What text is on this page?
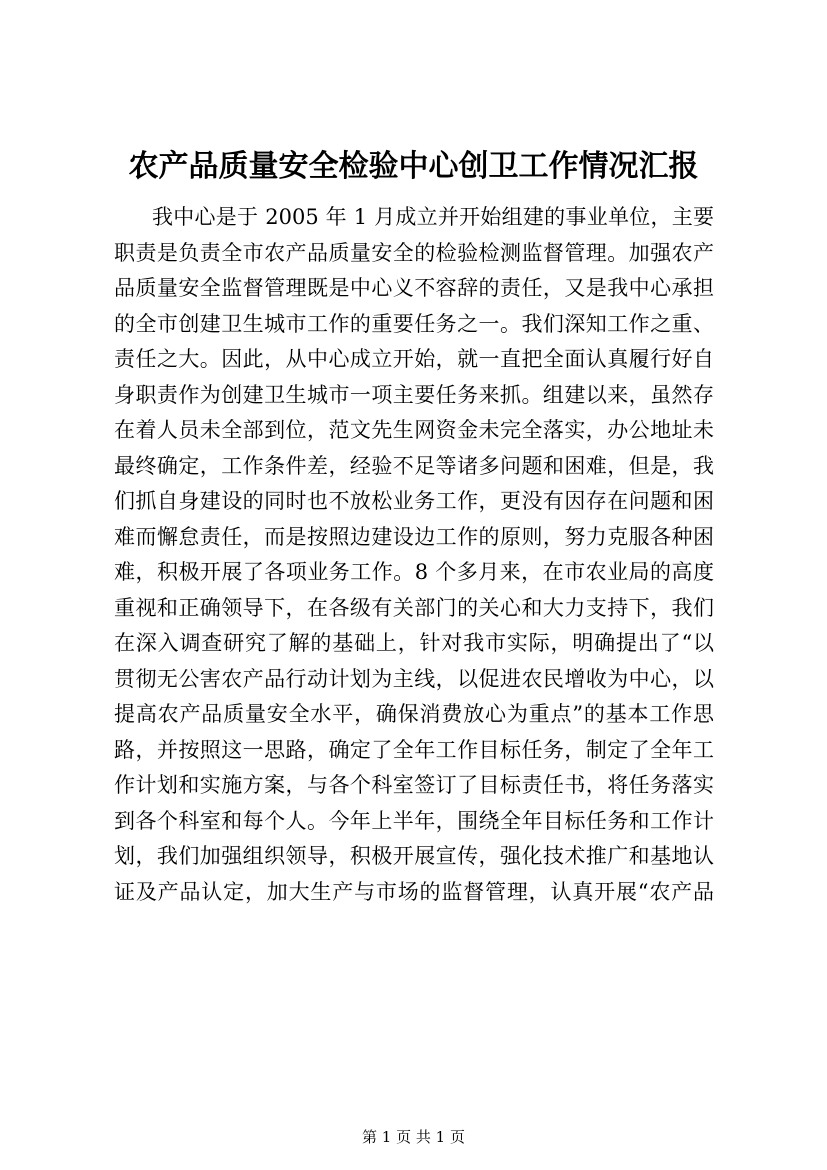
农产品质量安全检验中心创卫工作情况汇报
我中心是于 2005 年 1 月成立并开始组建的事业单位，主要
职责是负责全市农产品质量安全的检验检测监督管理。加强农产
品质量安全监督管理既是中心义不容辞的责任，又是我中心承担
的全市创建卫生城市工作的重要任务之一。我们深知工作之重、
责任之大。因此，从中心成立开始，就一直把全面认真履行好自
身职责作为创建卫生城市一项主要任务来抓。组建以来，虽然存
在着人员未全部到位，范文先生网资金未完全落实，办公地址未
最终确定，工作条件差，经验不足等诸多问题和困难，但是，我
们抓自身建设的同时也不放松业务工作，更没有因存在问题和困
难而懈怠责任，而是按照边建设边工作的原则，努力克服各种困
难，积极开展了各项业务工作。8 个多月来，在市农业局的高度
重视和正确领导下，在各级有关部门的关心和大力支持下，我们
在深入调查研究了解的基础上，针对我市实际，明确提出了“以
贯彻无公害农产品行动计划为主线，以促进农民增收为中心，以
提高农产品质量安全水平，确保消费放心为重点”的基本工作思
路，并按照这一思路，确定了全年工作目标任务，制定了全年工
作计划和实施方案，与各个科室签订了目标责任书，将任务落实
到各个科室和每个人。今年上半年，围绕全年目标任务和工作计
划，我们加强组织领导，积极开展宣传，强化技术推广和基地认
证及产品认定，加大生产与市场的监督管理，认真开展“农产品
第 1 页 共 1 页
